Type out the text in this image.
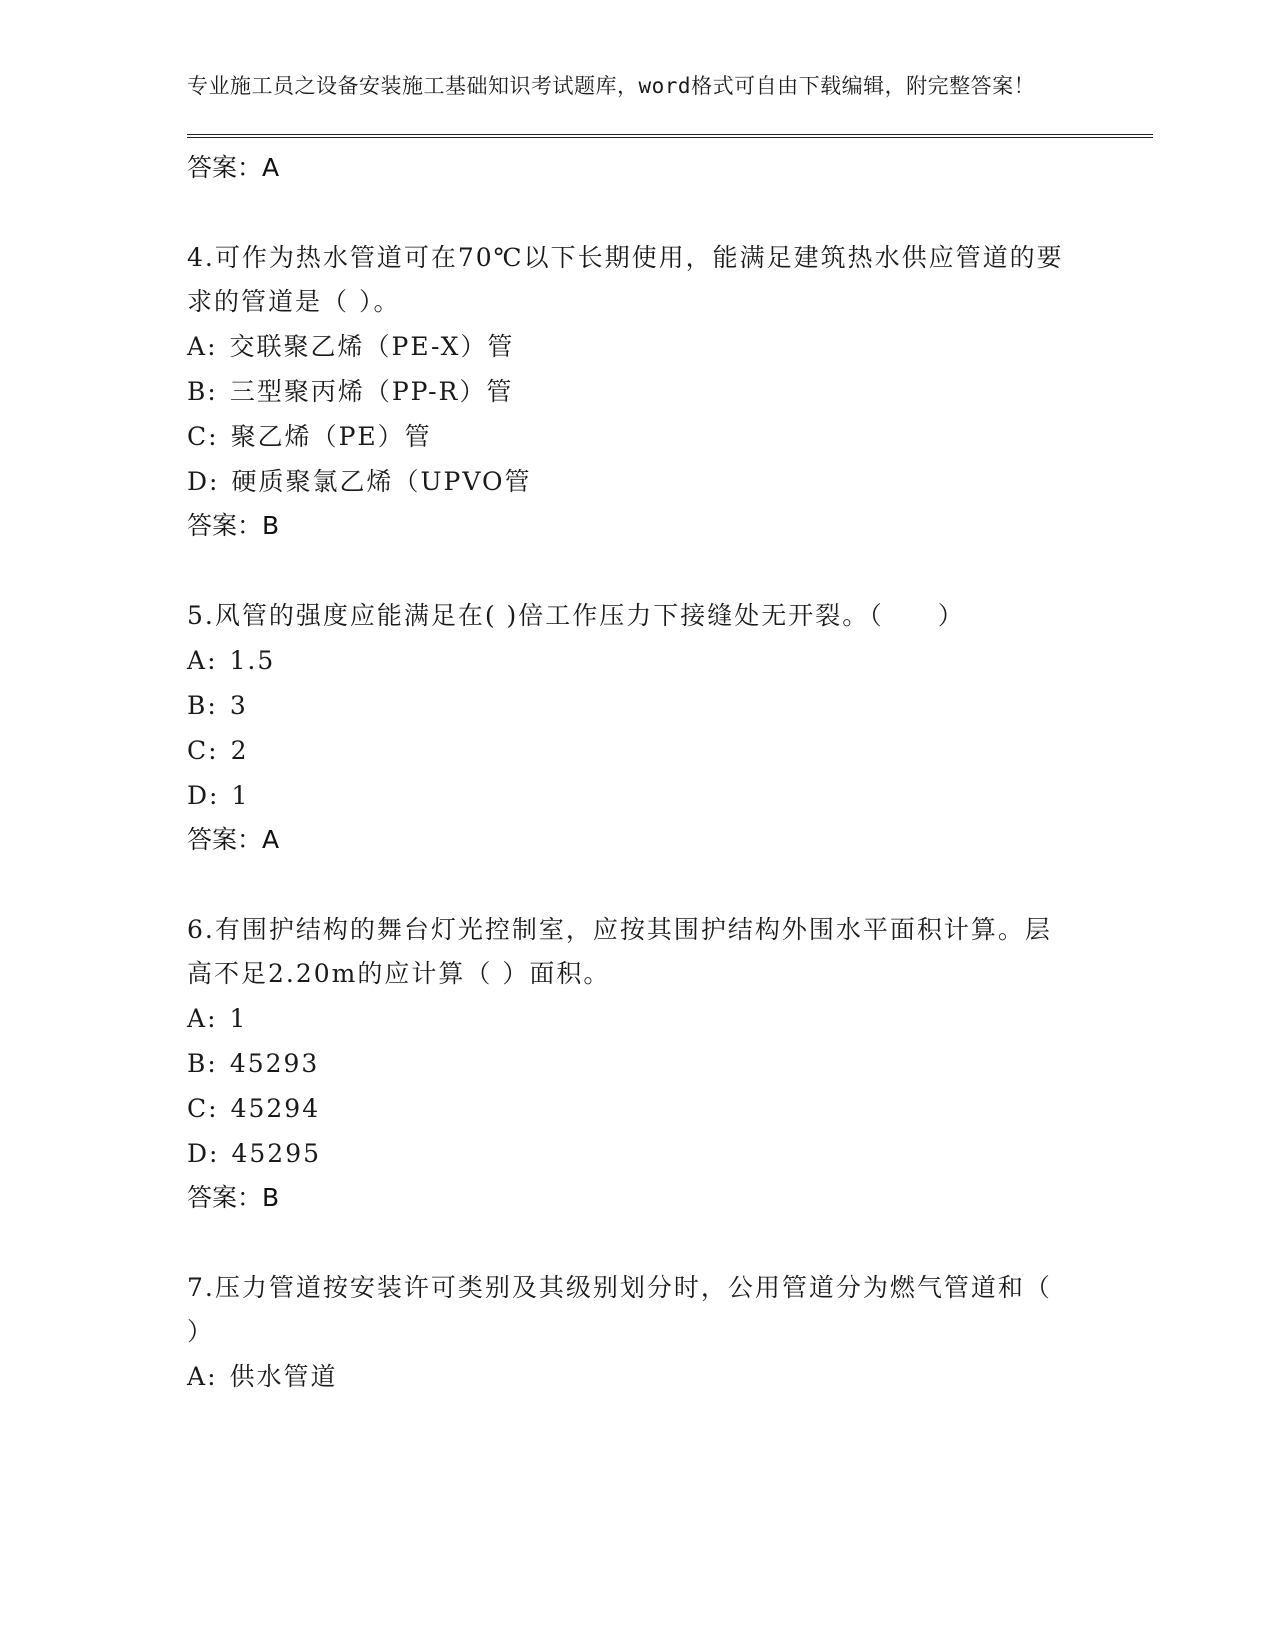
专业施工员之设备安装施工基础知识考试题库，word格式可自由下载编辑，附完整答案！

答案：A

4.可作为热水管道可在70℃以下长期使用，能满足建筑热水供应管道的要求的管道是（ ）。

A: 交联聚乙烯（PE-X）管

B: 三型聚丙烯（PP-R）管

C: 聚乙烯（PE）管

D: 硬质聚氯乙烯（UPVO管

答案：B

5.风管的强度应能满足在( )倍工作压力下接缝处无开裂。（　　）

A: 1.5

B: 3

C: 2

D: 1

答案：A

6.有围护结构的舞台灯光控制室，应按其围护结构外围水平面积计算。层高不足2.20m的应计算（ ）面积。

A: 1

B: 45293

C: 45294

D: 45295

答案：B

7.压力管道按安装许可类别及其级别划分时，公用管道分为燃气管道和（ ）

A: 供水管道
